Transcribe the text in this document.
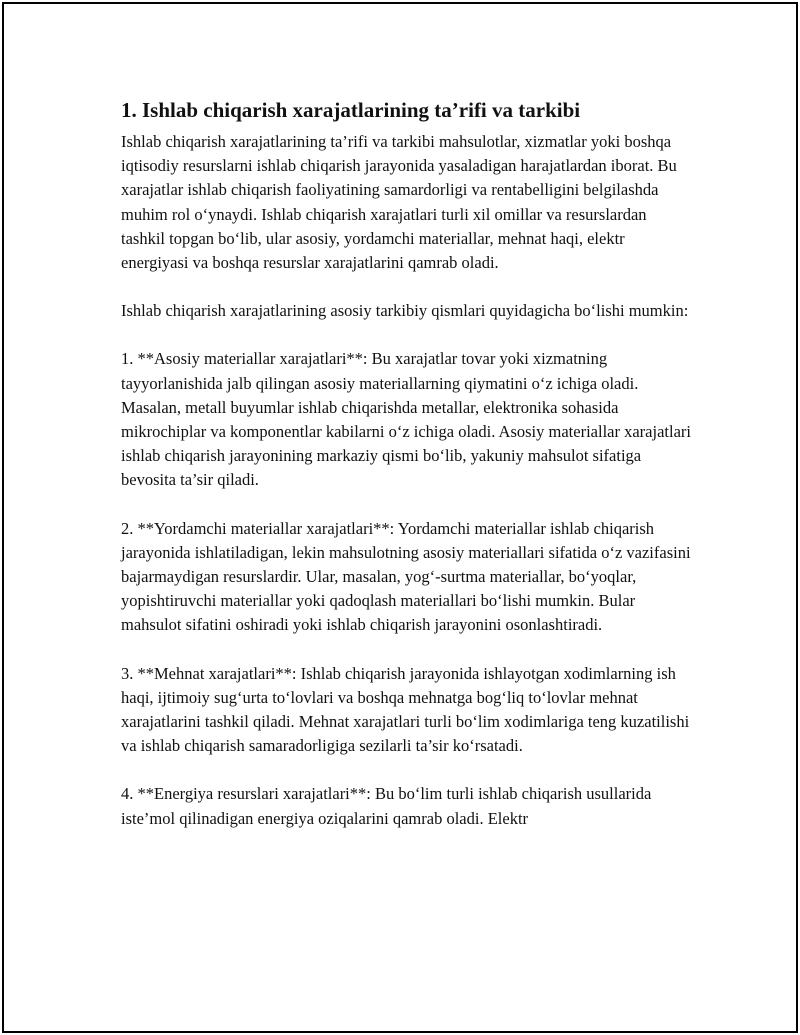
1. Ishlab chiqarish xarajatlarining ta’rifi va tarkibi

Ishlab chiqarish xarajatlarining ta’rifi va tarkibi mahsulotlar, xizmatlar yoki boshqa iqtisodiy resurslarni ishlab chiqarish jarayonida yasaladigan harajatlardan iborat. Bu xarajatlar ishlab chiqarish faoliyatining samardorligi va rentabelligini belgilashda muhim rol o‘ynaydi. Ishlab chiqarish xarajatlari turli xil omillar va resurslardan tashkil topgan bo‘lib, ular asosiy, yordamchi materiallar, mehnat haqi, elektr energiyasi va boshqa resurslar xarajatlarini qamrab oladi.

Ishlab chiqarish xarajatlarining asosiy tarkibiy qismlari quyidagicha bo‘lishi mumkin:

1. **Asosiy materiallar xarajatlari**: Bu xarajatlar tovar yoki xizmatning tayyorlanishida jalb qilingan asosiy materiallarning qiymatini o‘z ichiga oladi. Masalan, metall buyumlar ishlab chiqarishda metallar, elektronika sohasida mikrochiplar va komponentlar kabilarni o‘z ichiga oladi. Asosiy materiallar xarajatlari ishlab chiqarish jarayonining markaziy qismi bo‘lib, yakuniy mahsulot sifatiga bevosita ta’sir qiladi.

2. **Yordamchi materiallar xarajatlari**: Yordamchi materiallar ishlab chiqarish jarayonida ishlatiladigan, lekin mahsulotning asosiy materiallari sifatida o‘z vazifasini bajarmaydigan resurslardir. Ular, masalan, yog‘-surtma materiallar, bo‘yoqlar, yopishtiruvchi materiallar yoki qadoqlash materiallari bo‘lishi mumkin. Bular mahsulot sifatini oshiradi yoki ishlab chiqarish jarayonini osonlashtiradi.

3. **Mehnat xarajatlari**: Ishlab chiqarish jarayonida ishlayotgan xodimlarning ish haqi, ijtimoiy sug‘urta to‘lovlari va boshqa mehnatga bog‘liq to‘lovlar mehnat xarajatlarini tashkil qiladi. Mehnat xarajatlari turli bo‘lim xodimlariga teng kuzatilishi va ishlab chiqarish samaradorligiga sezilarli ta’sir ko‘rsatadi.

4. **Energiya resurslari xarajatlari**: Bu bo‘lim turli ishlab chiqarish usullarida iste’mol qilinadigan energiya oziqalarini qamrab oladi. Elektr
